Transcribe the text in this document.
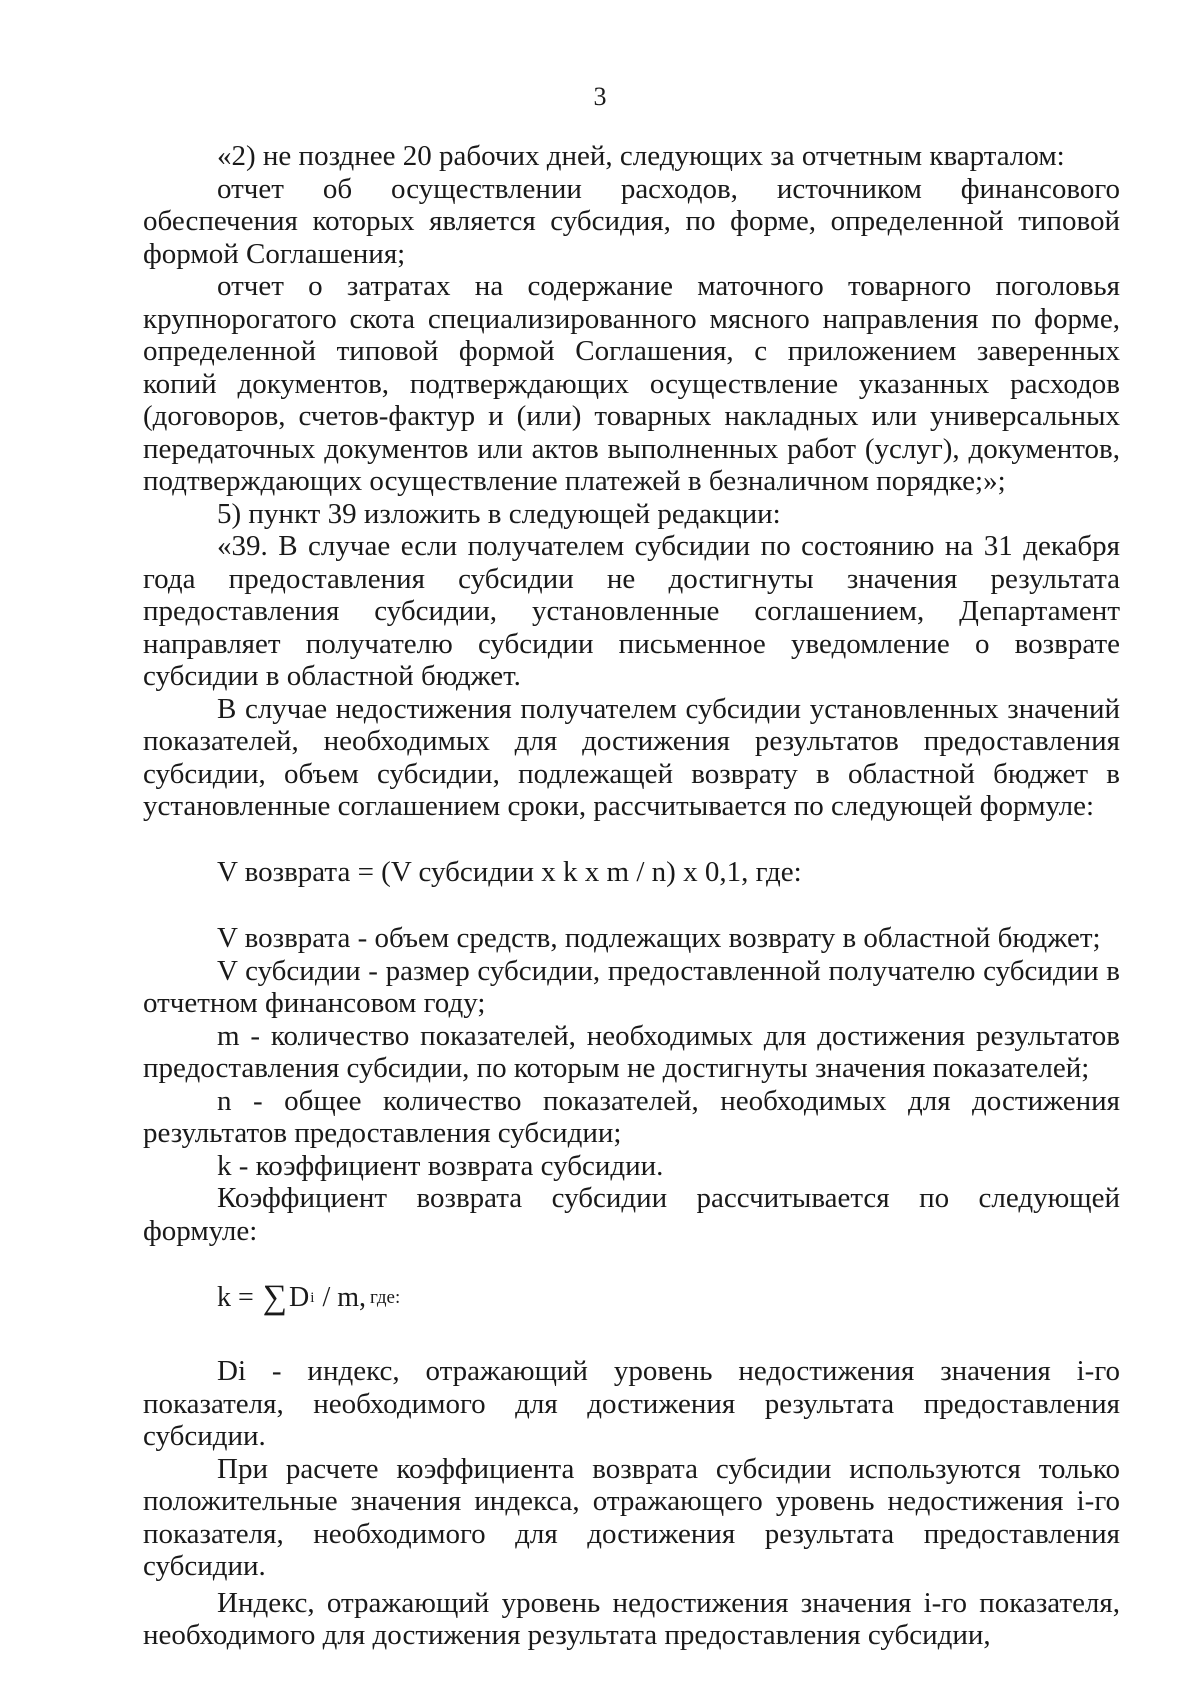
3

«2) не позднее 20 рабочих дней, следующих за отчетным кварталом:

отчет об осуществлении расходов, источником финансового обеспечения которых является субсидия, по форме, определенной типовой формой Соглашения;

отчет о затратах на содержание маточного товарного поголовья крупнорогатого скота специализированного мясного направления по форме, определенной типовой формой Соглашения, с приложением заверенных копий документов, подтверждающих осуществление указанных расходов (договоров, счетов-фактур и (или) товарных накладных или универсальных передаточных документов или актов выполненных работ (услуг), документов, подтверждающих осуществление платежей в безналичном порядке;»;

5) пункт 39 изложить в следующей редакции:

«39. В случае если получателем субсидии по состоянию на 31 декабря года предоставления субсидии не достигнуты значения результата предоставления субсидии, установленные соглашением, Департамент направляет получателю субсидии письменное уведомление о возврате субсидии в областной бюджет.

В случае недостижения получателем субсидии установленных значений показателей, необходимых для достижения результатов предоставления субсидии, объем субсидии, подлежащей возврату в областной бюджет в установленные соглашением сроки, рассчитывается по следующей формуле:

V возврата = (V субсидии x k x m / n) x 0,1, где:

V возврата - объем средств, подлежащих возврату в областной бюджет;

V субсидии - размер субсидии, предоставленной получателю субсидии в отчетном финансовом году;

m - количество показателей, необходимых для достижения результатов предоставления субсидии, по которым не достигнуты значения показателей;

n - общее количество показателей, необходимых для достижения результатов предоставления субсидии;

k - коэффициент возврата субсидии.

Коэффициент возврата субсидии рассчитывается по следующей формуле:

k =
∑ D i / m, где:

Di - индекс, отражающий уровень недостижения значения i-го показателя, необходимого для достижения результата предоставления субсидии.

При расчете коэффициента возврата субсидии используются только положительные значения индекса, отражающего уровень недостижения i-го показателя, необходимого для достижения результата предоставления субсидии.

Индекс, отражающий уровень недостижения значения i-го показателя, необходимого для достижения результата предоставления субсидии,
